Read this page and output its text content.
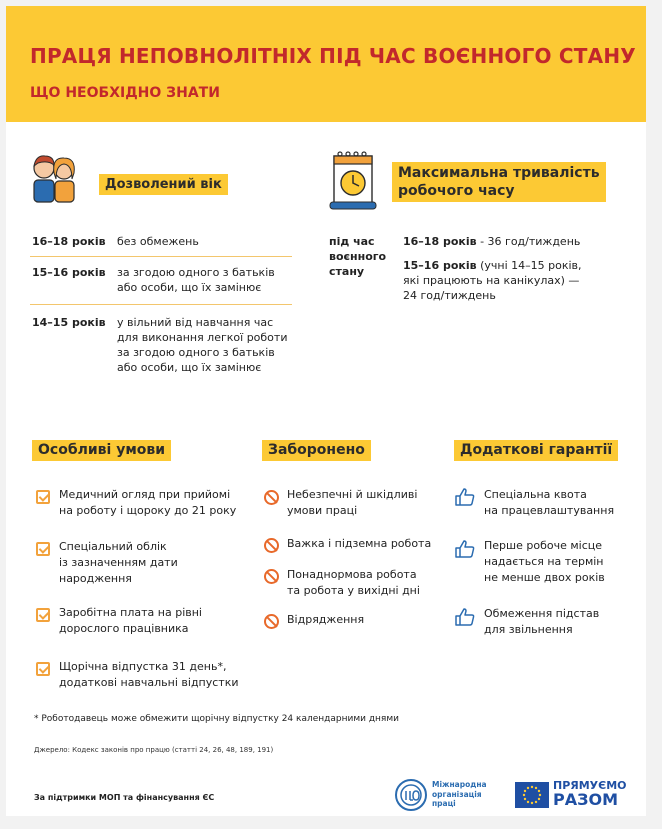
ПРАЦЯ НЕПОВНОЛІТНІХ ПІД ЧАС ВОЄННОГО СТАНУ
ЩО НЕОБХІДНО ЗНАТИ
Дозволений вік
16–18 років без обмежень
15–16 років за згодою одного з батьків
або особи, що їх замінює
14–15 років у вільний від навчання час
для виконання легкої роботи
за згодою одного з батьків
або особи, що їх замінює
Максимальна тривалість
робочого часу
під час
воєнного
стану
16–18 років - 36 год/тиждень
15–16 років (учні 14–15 років,
які працюють на канікулах) —
24 год/тиждень
Особливі умови
Медичний огляд при прийомі
на роботу і щороку до 21 року
Спеціальний облік
із зазначенням дати
народження
Заробітна плата на рівні
дорослого працівника
Щорічна відпустка 31 день*,
додаткові навчальні відпустки
Заборонено
Небезпечні й шкідливі
умови праці
Важка і підземна робота
Понаднормова робота
та робота у вихідні дні
Відрядження
Додаткові гарантії
Спеціальна квота
на працевлаштування
Перше робоче місце
надається на термін
не менше двох років
Обмеження підстав
для звільнення
* Роботодавець може обмежити щорічну відпустку 24 календарними днями
Джерело: Кодекс законів про працю (статті 24, 26, 48, 189, 191)
За підтримки МОП та фінансування ЄС
Міжнародна
організація
праці
ПРЯМУЄМО
РАЗОМ
